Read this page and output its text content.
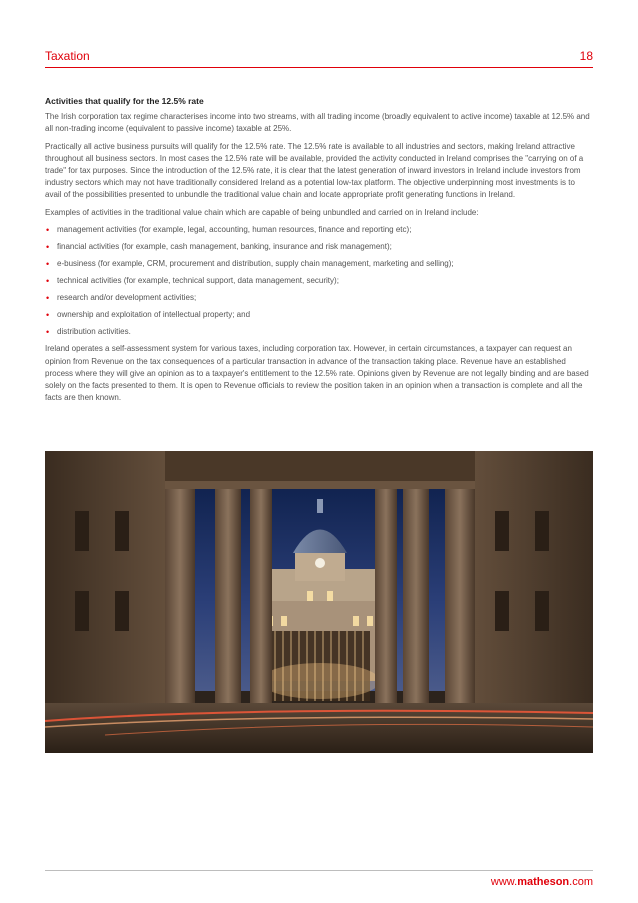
Taxation	18
Activities that qualify for the 12.5% rate

The Irish corporation tax regime characterises income into two streams, with all trading income (broadly equivalent to active income) taxable at 12.5% and all non-trading income (equivalent to passive income) taxable at 25%.

Practically all active business pursuits will qualify for the 12.5% rate. The 12.5% rate is available to all industries and sectors, making Ireland attractive throughout all business sectors. In most cases the 12.5% rate will be available, provided the activity conducted in Ireland comprises the "carrying on of a trade" for tax purposes. Since the introduction of the 12.5% rate, it is clear that the latest generation of inward investors in Ireland include investors from industry sectors which may not have traditionally considered Ireland as a potential low-tax platform. The objective underpinning most investments is to avail of the possibilities presented to unbundle the traditional value chain and locate appropriate profit generating functions in Ireland.

Examples of activities in the traditional value chain which are capable of being unbundled and carried on in Ireland include:

• management activities (for example, legal, accounting, human resources, finance and reporting etc);
• financial activities (for example, cash management, banking, insurance and risk management);
• e-business (for example, CRM, procurement and distribution, supply chain management, marketing and selling);
• technical activities (for example, technical support, data management, security);
• research and/or development activities;
• ownership and exploitation of intellectual property; and
• distribution activities.

Ireland operates a self-assessment system for various taxes, including corporation tax. However, in certain circumstances, a taxpayer can request an opinion from Revenue on the tax consequences of a particular transaction in advance of the transaction taking place. Revenue have an established process where they will give an opinion as to a taxpayer's entitlement to the 12.5% rate. Opinions given by Revenue are not legally binding and are based solely on the facts presented to them. It is open to Revenue officials to review the position taken in an opinion when a transaction is complete and all the facts are then known.

www.matheson.com
